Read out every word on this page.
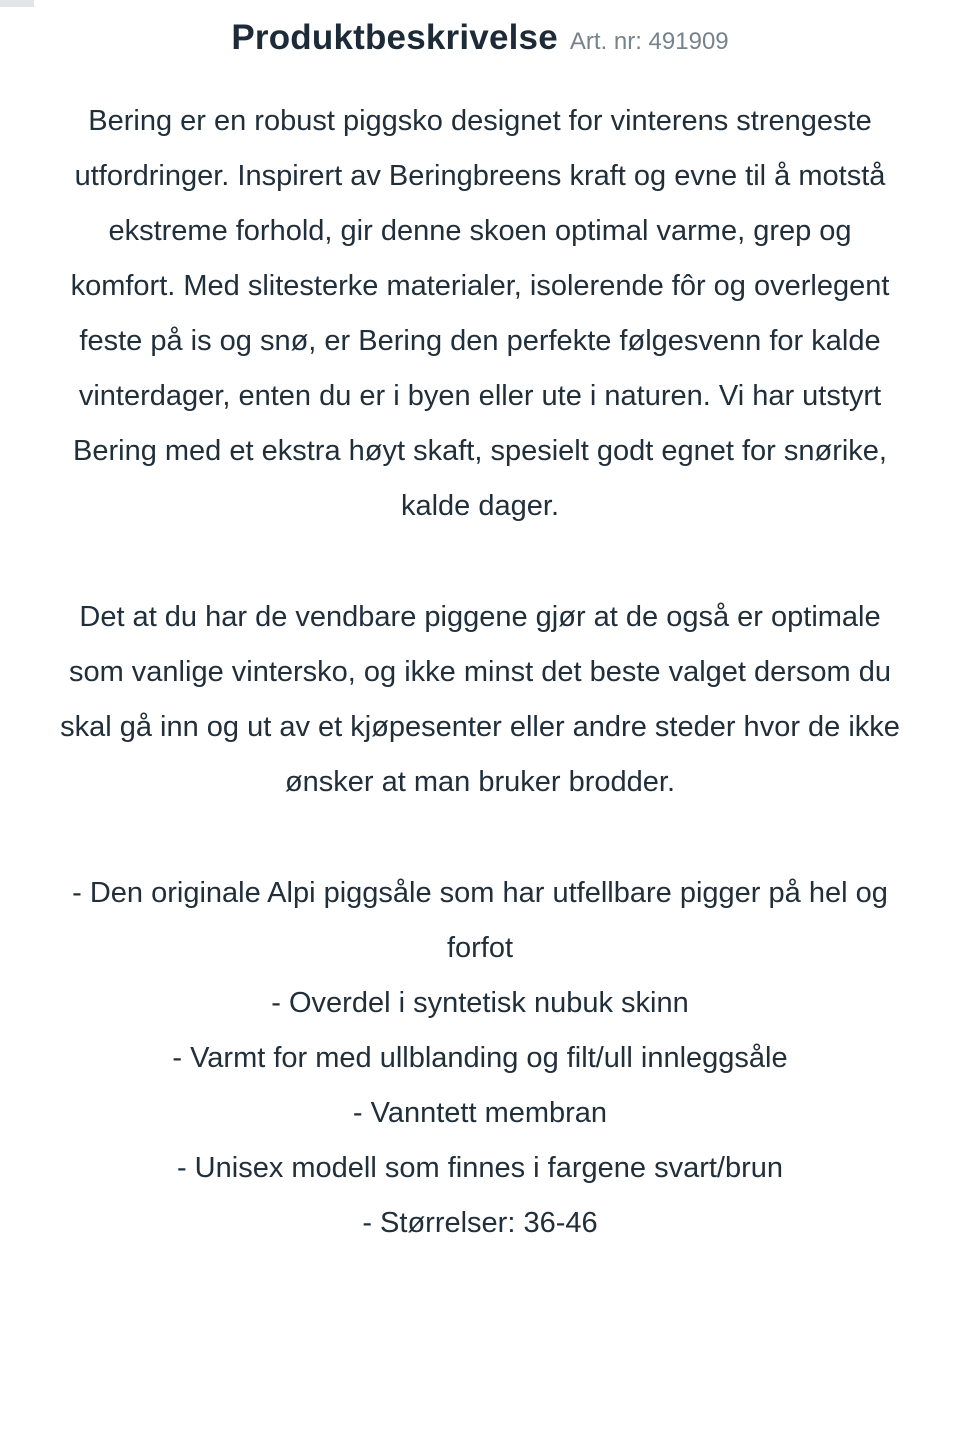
Produktbeskrivelse Art. nr: 491909

Bering er en robust piggsko designet for vinterens strengeste utfordringer. Inspirert av Beringbreens kraft og evne til å motstå ekstreme forhold, gir denne skoen optimal varme, grep og komfort. Med slitesterke materialer, isolerende fôr og overlegent feste på is og snø, er Bering den perfekte følgesvenn for kalde vinterdager, enten du er i byen eller ute i naturen. Vi har utstyrt Bering med et ekstra høyt skaft, spesielt godt egnet for snørike, kalde dager.

Det at du har de vendbare piggene gjør at de også er optimale som vanlige vintersko, og ikke minst det beste valget dersom du skal gå inn og ut av et kjøpesenter eller andre steder hvor de ikke ønsker at man bruker brodder.

- Den originale Alpi piggsåle som har utfellbare pigger på hel og forfot

- Overdel i syntetisk nubuk skinn

- Varmt for med ullblanding og filt/ull innleggsåle

- Vanntett membran

- Unisex modell som finnes i fargene svart/brun

- Størrelser: 36-46
